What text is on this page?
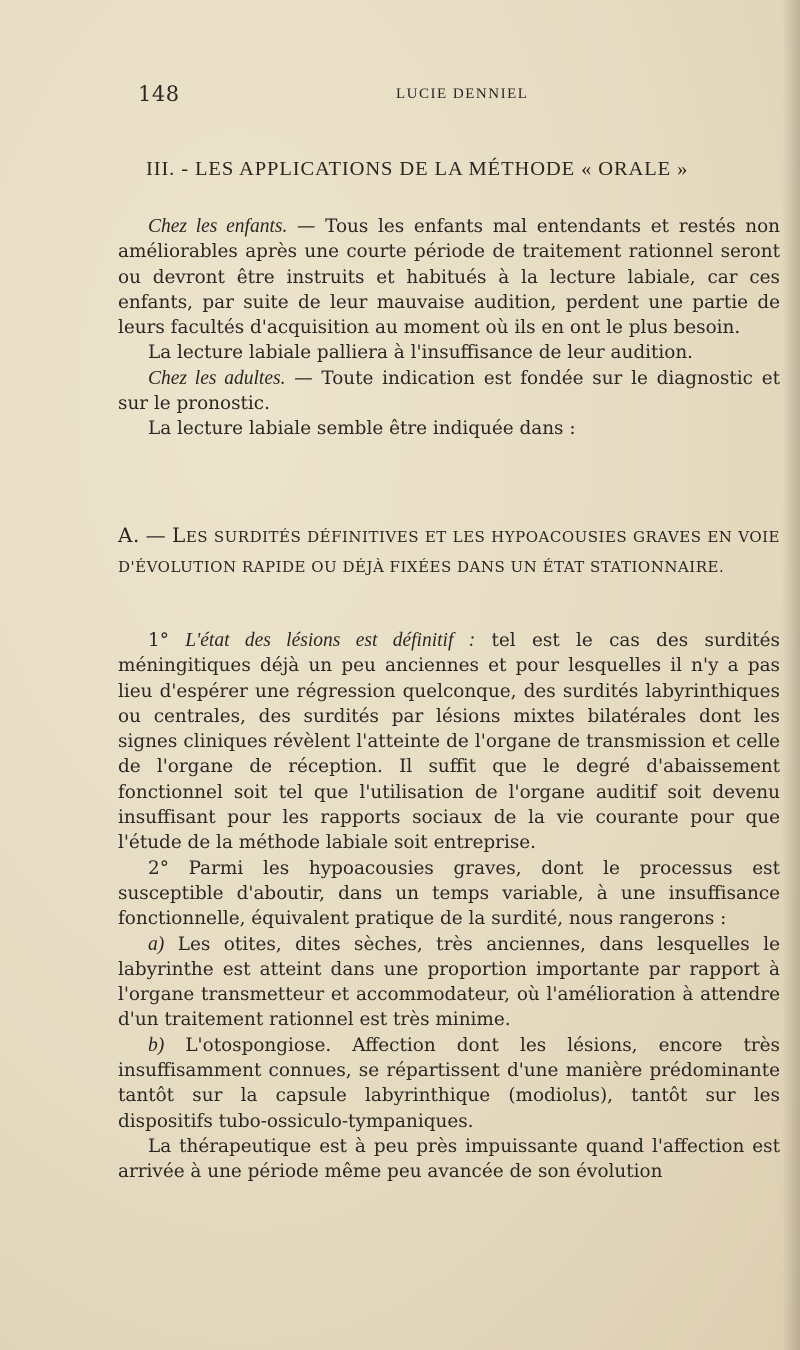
148	LUCIE DENNIEL
III. - LES APPLICATIONS DE LA MÉTHODE « ORALE »

Chez les enfants. — Tous les enfants mal entendants et restés non améliorables après une courte période de traitement rationnel seront ou devront être instruits et habitués à la lecture labiale, car ces enfants, par suite de leur mauvaise audition, perdent une partie de leurs facultés d'acquisition au moment où ils en ont le plus besoin.

La lecture labiale palliera à l'insuffisance de leur audition.

Chez les adultes. — Toute indication est fondée sur le diagnostic et sur le pronostic.

La lecture labiale semble être indiquée dans :

A. — LES SURDITÉS DÉFINITIVES ET LES HYPOACOUSIES GRAVES EN VOIE D'ÉVOLUTION RAPIDE OU DÉJÀ FIXÉES DANS UN ÉTAT STATIONNAIRE.

1° L'état des lésions est définitif : tel est le cas des surdités méningitiques déjà un peu anciennes et pour lesquelles il n'y a pas lieu d'espérer une régression quelconque, des surdités labyrinthiques ou centrales, des surdités par lésions mixtes bilatérales dont les signes cliniques révèlent l'atteinte de l'organe de transmission et celle de l'organe de réception. Il suffit que le degré d'abaissement fonctionnel soit tel que l'utilisation de l'organe auditif soit devenu insuffisant pour les rapports sociaux de la vie courante pour que l'étude de la méthode labiale soit entreprise.

2° Parmi les hypoacousies graves, dont le processus est susceptible d'aboutir, dans un temps variable, à une insuffisance fonctionnelle, équivalent pratique de la surdité, nous rangerons :

a) Les otites, dites sèches, très anciennes, dans lesquelles le labyrinthe est atteint dans une proportion importante par rapport à l'organe transmetteur et accommodateur, où l'amélioration à attendre d'un traitement rationnel est très minime.

b) L'otospongiose. Affection dont les lésions, encore très insuffisamment connues, se répartissent d'une manière prédominante tantôt sur la capsule labyrinthique (modiolus), tantôt sur les dispositifs tubo-ossiculo-tympaniques.

La thérapeutique est à peu près impuissante quand l'affection est arrivée à une période même peu avancée de son évolution
